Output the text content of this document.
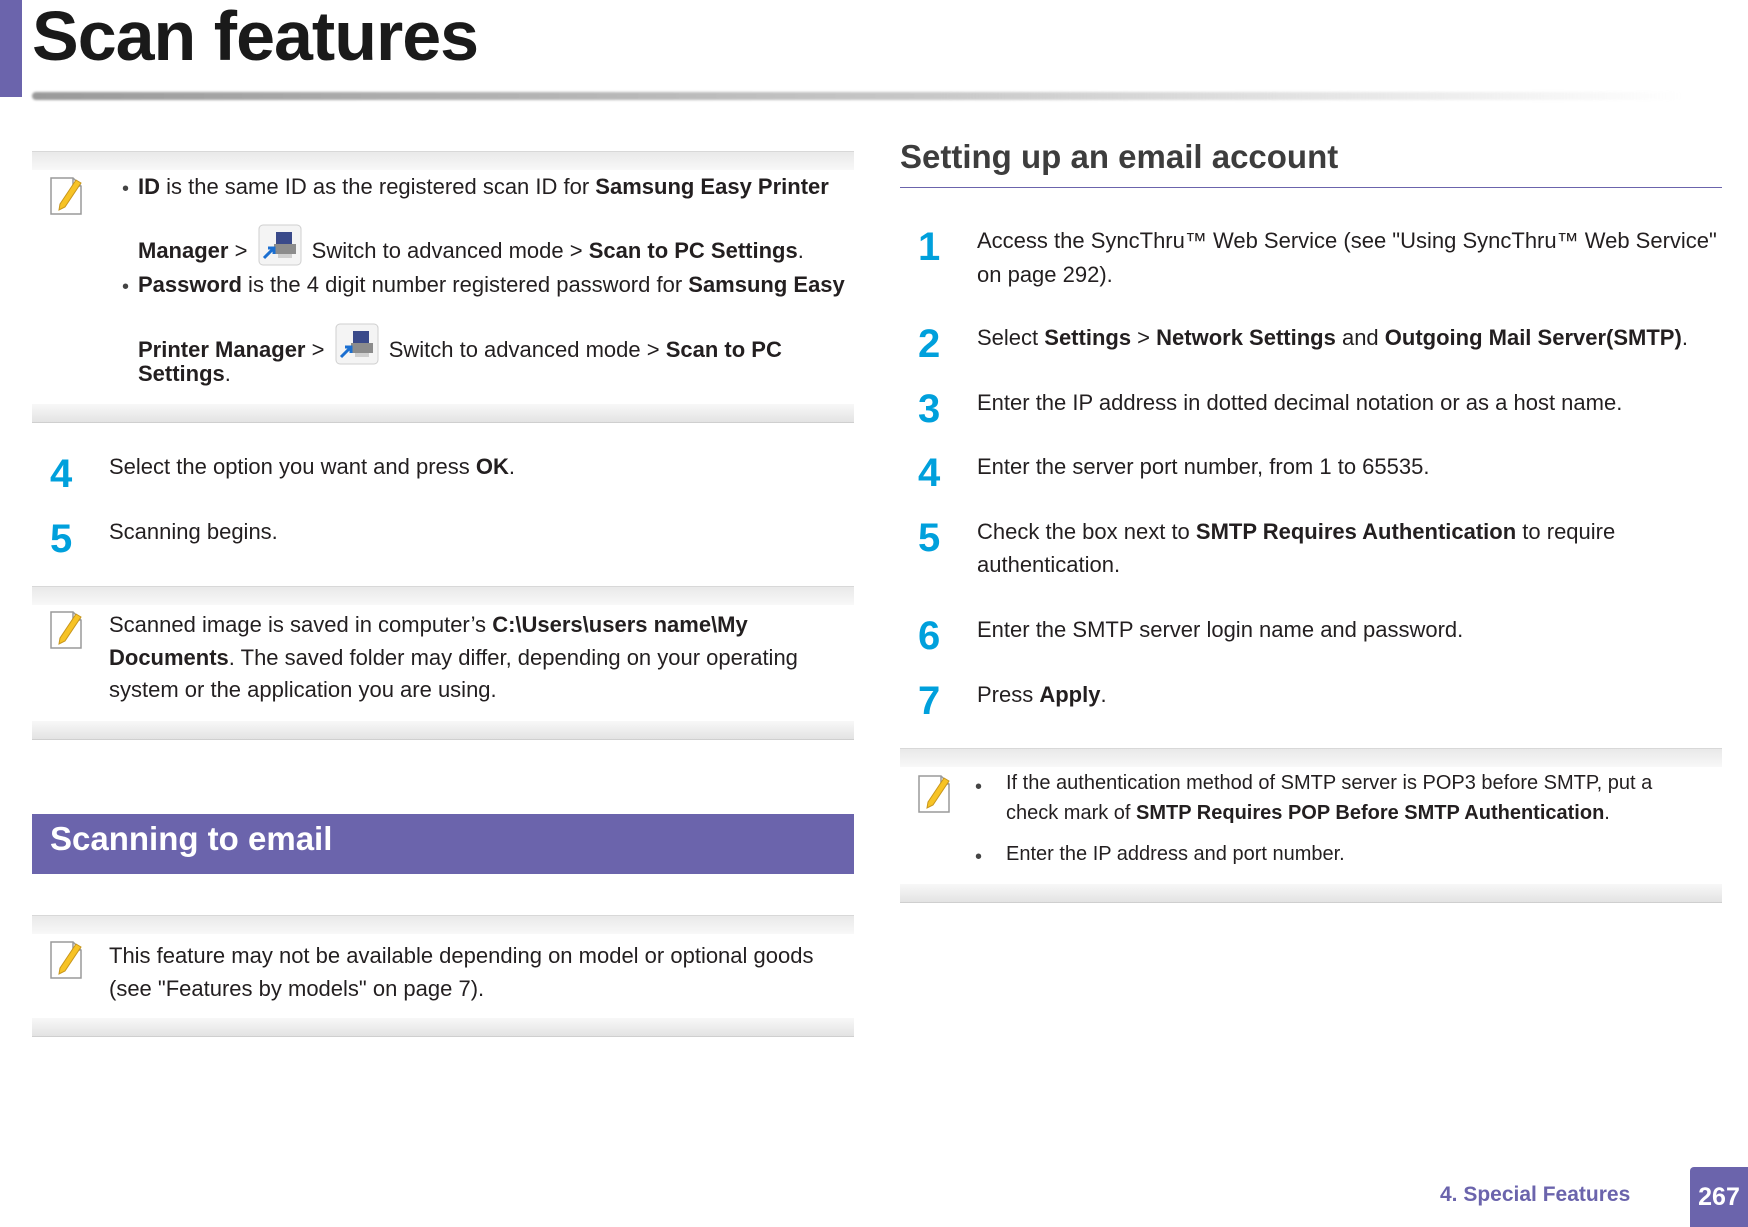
Scan features
• ID is the same ID as the registered scan ID for Samsung Easy Printer
Manager >  Switch to advanced mode > Scan to PC Settings.
• Password is the 4 digit number registered password for Samsung Easy
Printer Manager >  Switch to advanced mode > Scan to PC
Settings.
4 Select the option you want and press OK.
5 Scanning begins.
Scanned image is saved in computer’s C:\Users\users name\My
Documents. The saved folder may differ, depending on your operating
system or the application you are using.
Scanning to email
This feature may not be available depending on model or optional goods
(see "Features by models" on page 7).
Setting up an email account
1 Access the SyncThru™ Web Service (see "Using SyncThru™ Web Service"
on page 292).
2 Select Settings > Network Settings and Outgoing Mail Server(SMTP).
3 Enter the IP address in dotted decimal notation or as a host name.
4 Enter the server port number, from 1 to 65535.
5 Check the box next to SMTP Requires Authentication to require
authentication.
6 Enter the SMTP server login name and password.
7 Press Apply.
• If the authentication method of SMTP server is POP3 before SMTP, put a
check mark of SMTP Requires POP Before SMTP Authentication.
• Enter the IP address and port number.
4. Special Features	267
